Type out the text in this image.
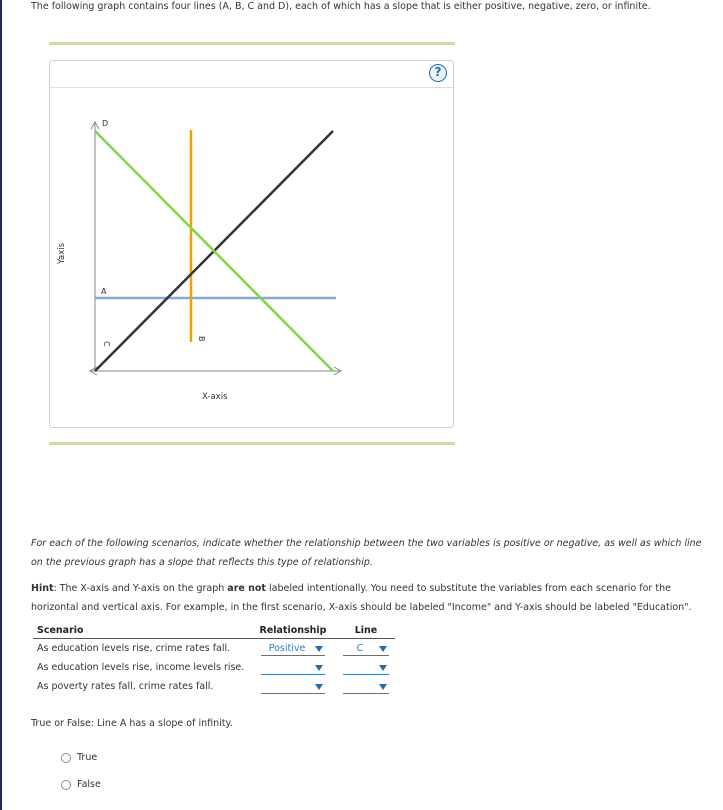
The following graph contains four lines (A, B, C and D), each of which has a slope that is either positive, negative, zero, or infinite.
?
D
A
C
B
X-axis
Yaxis
For each of the following scenarios, indicate whether the relationship between the two variables is positive or negative, as well as which line on the previous graph has a slope that reflects this type of relationship.
Hint: The X-axis and Y-axis on the graph are not labeled intentionally. You need to substitute the variables from each scenario for the horizontal and vertical axis. For example, in the first scenario, X-axis should be labeled "Income" and Y-axis should be labeled "Education".
Scenario	Relationship	Line
As education levels rise, crime rates fall.	Positive	C

As education levels rise, income levels rise.	

As poverty rates fall, crime rates fall.	

True or False: Line A has a slope of infinity.
True
False
